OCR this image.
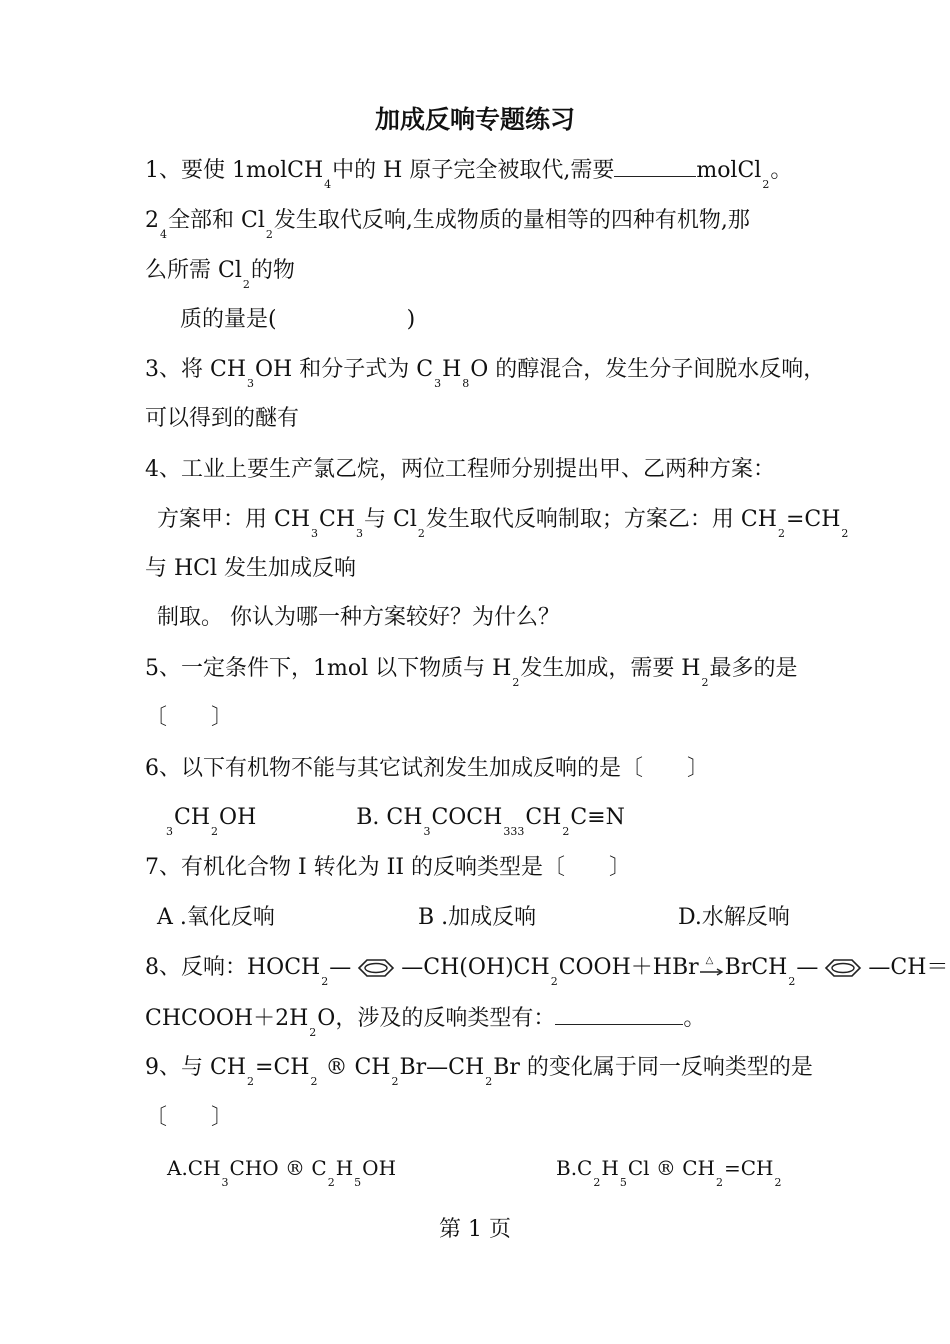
加成反响专题练习
1、要使 1molCH$_4$中的 H 原子完全被取代,需要	molCl$_2$。
$2_4$全部和 $Cl_2$发生取代反响,生成物质的量相等的四种有机物,那
么所需 $Cl_2$的物
质的量是(	)
3、将 $CH_3OH$ 和分子式为 $C_3H_8O$ 的醇混合，发生分子间脱水反响，
可以得到的醚有
4、工业上要生产氯乙烷，两位工程师分别提出甲、乙两种方案：
方案甲：用 $CH_3CH_3$与 $Cl_2$发生取代反响制取；方案乙：用 $CH_2=CH_2$
与 HCl 发生加成反响
制取。 你认为哪一种方案较好？为什么？
5、一定条件下，1mol 以下物质与 $H_2$发生加成，需要 $H_2$最多的是
〔　　〕
6、以下有机物不能与其它试剂发生加成反响的是〔　　〕
$_3CH_2OH$	B. $CH_3COCH_{333}CH_2C\equiv N$
7、有机化合物 I 转化为 II 的反响类型是〔　　〕
A .氧化反响	B .加成反响	D.水解反响
8、反响：$HOCH_2—$ $—CH(OH)CH_2COOH+HBr$ △ BrCH$_2$— —CH＝
$CHCOOH+2H_2O$，涉及的反响类型有：	。
9、与 $CH_2=CH_2$ ® $CH_2Br—CH_2Br$ 的变化属于同一反响类型的是
〔　　〕
$A.CH_3CHO$ ® $C_2H_5OH$	$B.C_2H_5Cl$ ® $CH_2=CH_2$
第 1 页
